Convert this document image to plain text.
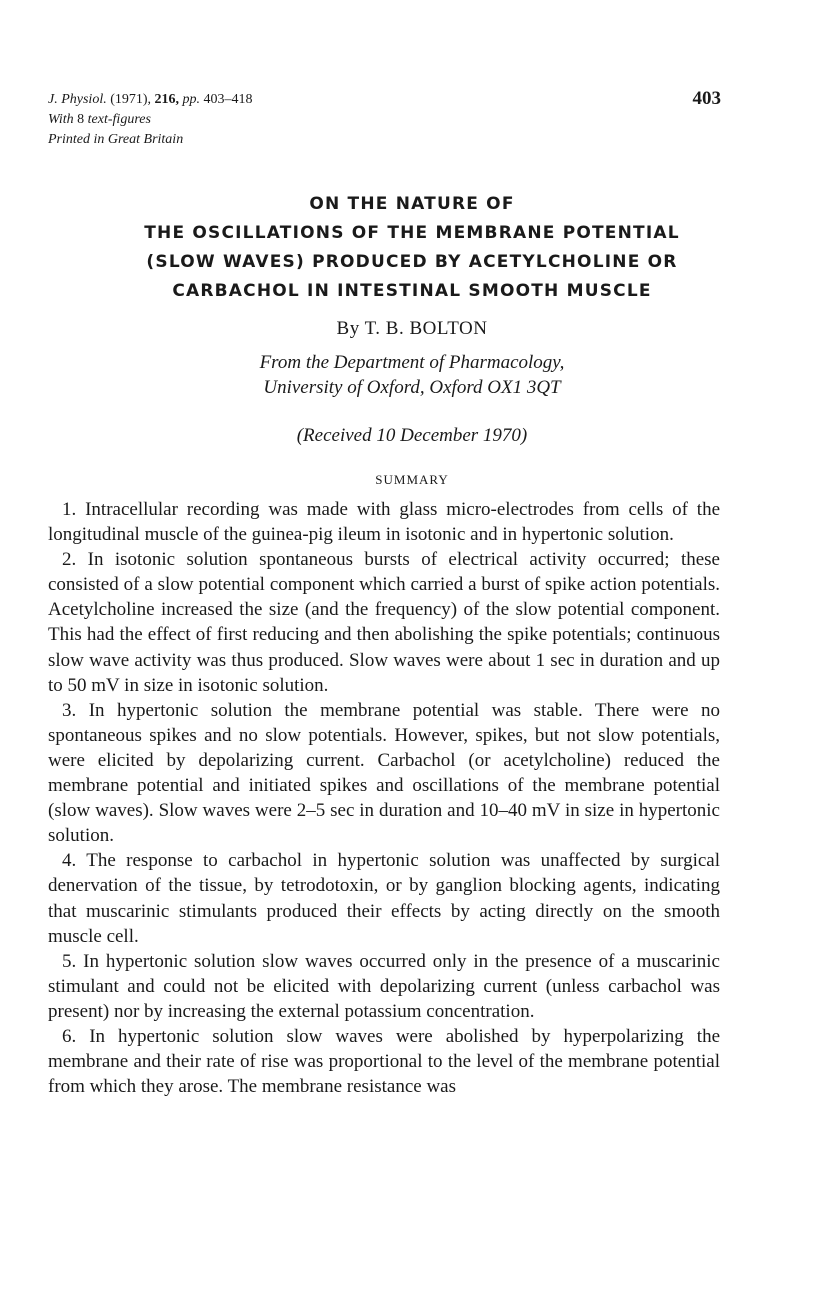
J. Physiol. (1971), 216, pp. 403–418
With 8 text-figures
Printed in Great Britain
403
ON THE NATURE OF
THE OSCILLATIONS OF THE MEMBRANE POTENTIAL
(SLOW WAVES) PRODUCED BY ACETYLCHOLINE OR
CARBACHOL IN INTESTINAL SMOOTH MUSCLE
By T. B. BOLTON
From the Department of Pharmacology,
University of Oxford, Oxford OX1 3QT
(Received 10 December 1970)
SUMMARY
1. Intracellular recording was made with glass micro-electrodes from cells of the longitudinal muscle of the guinea-pig ileum in isotonic and in hypertonic solution.
2. In isotonic solution spontaneous bursts of electrical activity occurred; these consisted of a slow potential component which carried a burst of spike action potentials. Acetylcholine increased the size (and the frequency) of the slow potential component. This had the effect of first reducing and then abolishing the spike potentials; continuous slow wave activity was thus produced. Slow waves were about 1 sec in duration and up to 50 mV in size in isotonic solution.
3. In hypertonic solution the membrane potential was stable. There were no spontaneous spikes and no slow potentials. However, spikes, but not slow potentials, were elicited by depolarizing current. Carbachol (or acetylcholine) reduced the membrane potential and initiated spikes and oscillations of the membrane potential (slow waves). Slow waves were 2–5 sec in duration and 10–40 mV in size in hypertonic solution.
4. The response to carbachol in hypertonic solution was unaffected by surgical denervation of the tissue, by tetrodotoxin, or by ganglion blocking agents, indicating that muscarinic stimulants produced their effects by acting directly on the smooth muscle cell.
5. In hypertonic solution slow waves occurred only in the presence of a muscarinic stimulant and could not be elicited with depolarizing current (unless carbachol was present) nor by increasing the external potassium concentration.
6. In hypertonic solution slow waves were abolished by hyperpolarizing the membrane and their rate of rise was proportional to the level of the membrane potential from which they arose. The membrane resistance was
